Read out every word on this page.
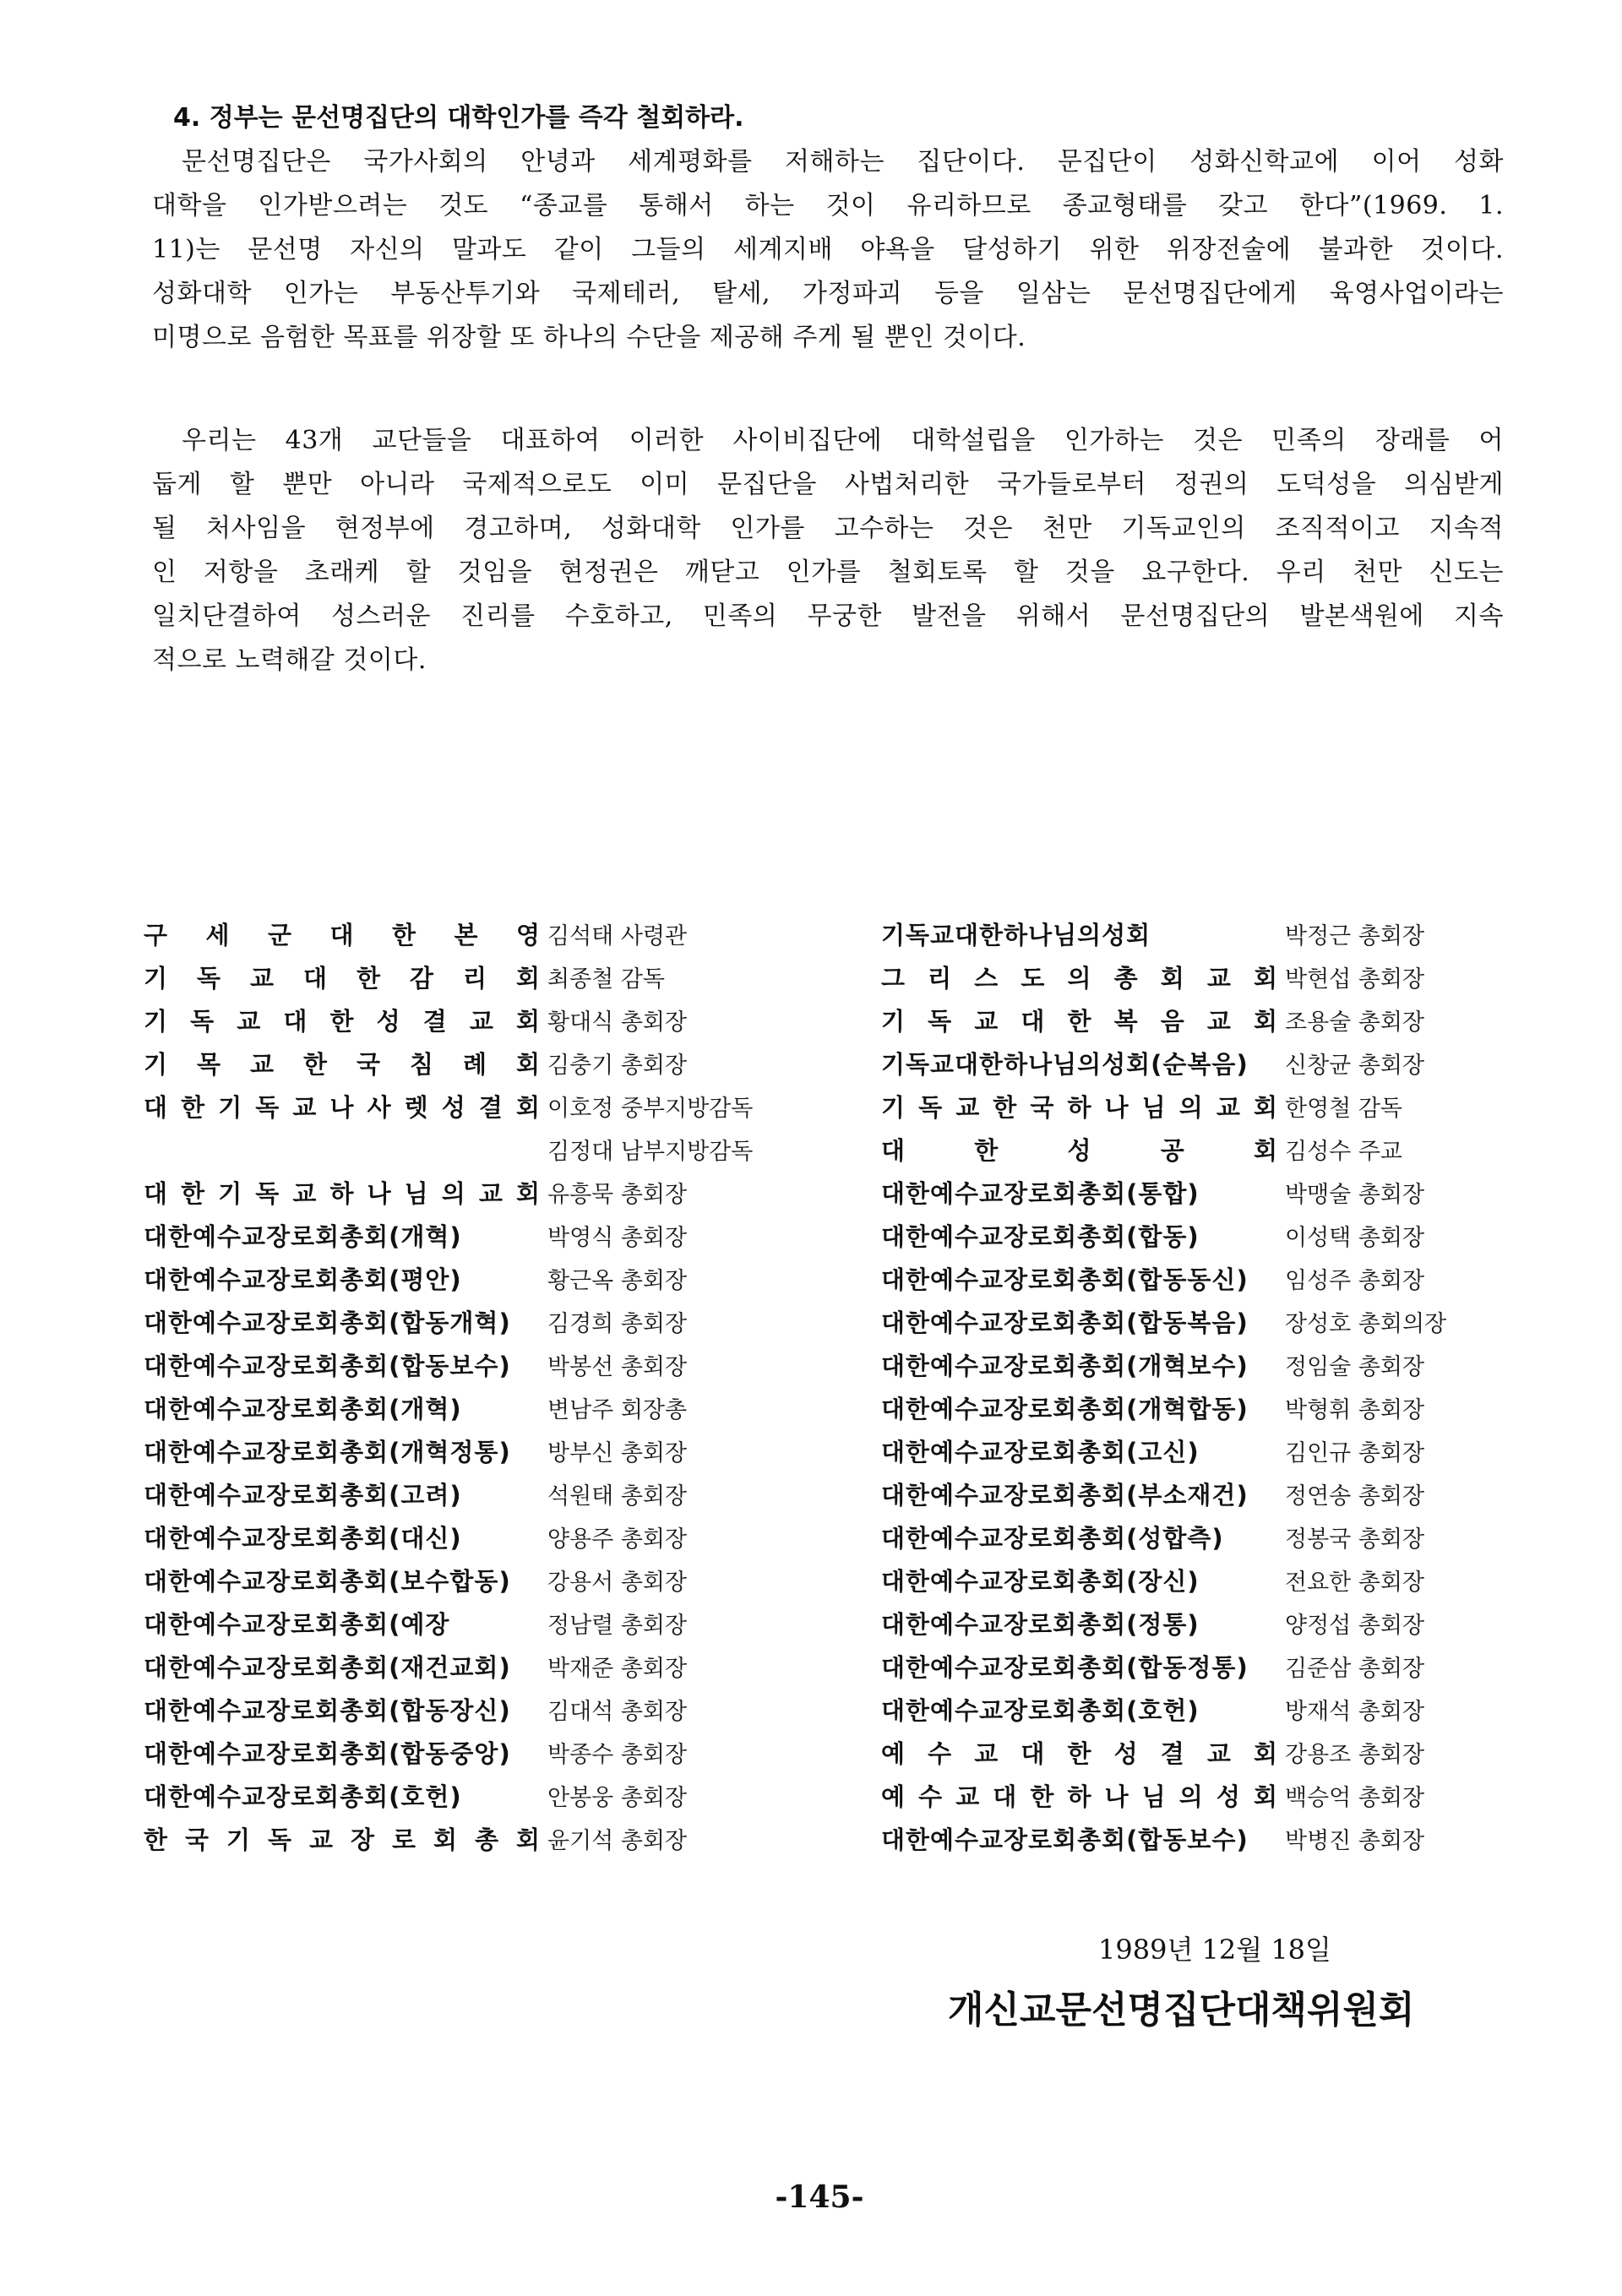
4. 정부는 문선명집단의 대학인가를 즉각 철회하라.
문선명집단은 국가사회의 안녕과 세계평화를 저해하는 집단이다. 문집단이 성화신학교에 이어 성화
대학을 인가받으려는 것도 “종교를 통해서 하는 것이 유리하므로 종교형태를 갖고 한다”(1969. 1.
11)는 문선명 자신의 말과도 같이 그들의 세계지배 야욕을 달성하기 위한 위장전술에 불과한 것이다.
성화대학 인가는 부동산투기와 국제테러, 탈세, 가정파괴 등을 일삼는 문선명집단에게 육영사업이라는
미명으로 음험한 목표를 위장할 또 하나의 수단을 제공해 주게 될 뿐인 것이다.
우리는 43개 교단들을 대표하여 이러한 사이비집단에 대학설립을 인가하는 것은 민족의 장래를 어
둡게 할 뿐만 아니라 국제적으로도 이미 문집단을 사법처리한 국가들로부터 정권의 도덕성을 의심받게
될 처사임을 현정부에 경고하며, 성화대학 인가를 고수하는 것은 천만 기독교인의 조직적이고 지속적
인 저항을 초래케 할 것임을 현정권은 깨닫고 인가를 철회토록 할 것을 요구한다. 우리 천만 신도는
일치단결하여 성스러운 진리를 수호하고, 민족의 무궁한 발전을 위해서 문선명집단의 발본색원에 지속
적으로 노력해갈 것이다.
구 세 군 대 한 본 영 김석태 사령관
기 독 교 대 한 감 리 회 최종철 감독
기 독 교 대 한 성 결 교 회 황대식 총회장
기 목 교 한 국 침 례 회 김충기 총회장
대 한 기 독 교 나 사 렛 성 결 회 이호정 중부지방감독
김정대 남부지방감독
대 한 기 독 교 하 나 님 의 교 회 유흥묵 총회장
대한예수교장로회총회(개혁)	박영식 총회장
대한예수교장로회총회(평안)	황근옥 총회장
대한예수교장로회총회(합동개혁)	김경희 총회장
대한예수교장로회총회(합동보수)	박봉선 총회장
대한예수교장로회총회(개혁)	변남주 회장총
대한예수교장로회총회(개혁정통)	방부신 총회장
대한예수교장로회총회(고려)	석원태 총회장
대한예수교장로회총회(대신)	양용주 총회장
대한예수교장로회총회(보수합동)	강용서 총회장
대한예수교장로회총회(예장	정남렬 총회장
대한예수교장로회총회(재건교회)	박재준 총회장
대한예수교장로회총회(합동장신)	김대석 총회장
대한예수교장로회총회(합동중앙)	박종수 총회장
대한예수교장로회총회(호헌)	안봉웅 총회장
한 국 기 독 교 장 로 회 총 회 윤기석 총회장
기독교대한하나님의성회	박정근 총회장
그 리 스 도 의 총 회 교 회 박현섭 총회장
기 독 교 대 한 복 음 교 회 조용술 총회장
기독교대한하나님의성회(순복음)	신창균 총회장
기 독 교 한 국 하 나 님 의 교 회 한영철 감독
대 한 성 공 회 김성수 주교
대한예수교장로회총회(통합)	박맹술 총회장
대한예수교장로회총회(합동)	이성택 총회장
대한예수교장로회총회(합동동신)	임성주 총회장
대한예수교장로회총회(합동복음)	장성호 총회의장
대한예수교장로회총회(개혁보수)	정임술 총회장
대한예수교장로회총회(개혁합동)	박형휘 총회장
대한예수교장로회총회(고신)	김인규 총회장
대한예수교장로회총회(부소재건)	정연송 총회장
대한예수교장로회총회(성합측)	정봉국 총회장
대한예수교장로회총회(장신)	전요한 총회장
대한예수교장로회총회(정통)	양정섭 총회장
대한예수교장로회총회(합동정통)	김준삼 총회장
대한예수교장로회총회(호헌)	방재석 총회장
예 수 교 대 한 성 결 교 회 강용조 총회장
예 수 교 대 한 하 나 님 의 성 회 백승억 총회장
대한예수교장로회총회(합동보수)	박병진 총회장
1989년 12월 18일
개신교문선명집단대책위원회
-145-
